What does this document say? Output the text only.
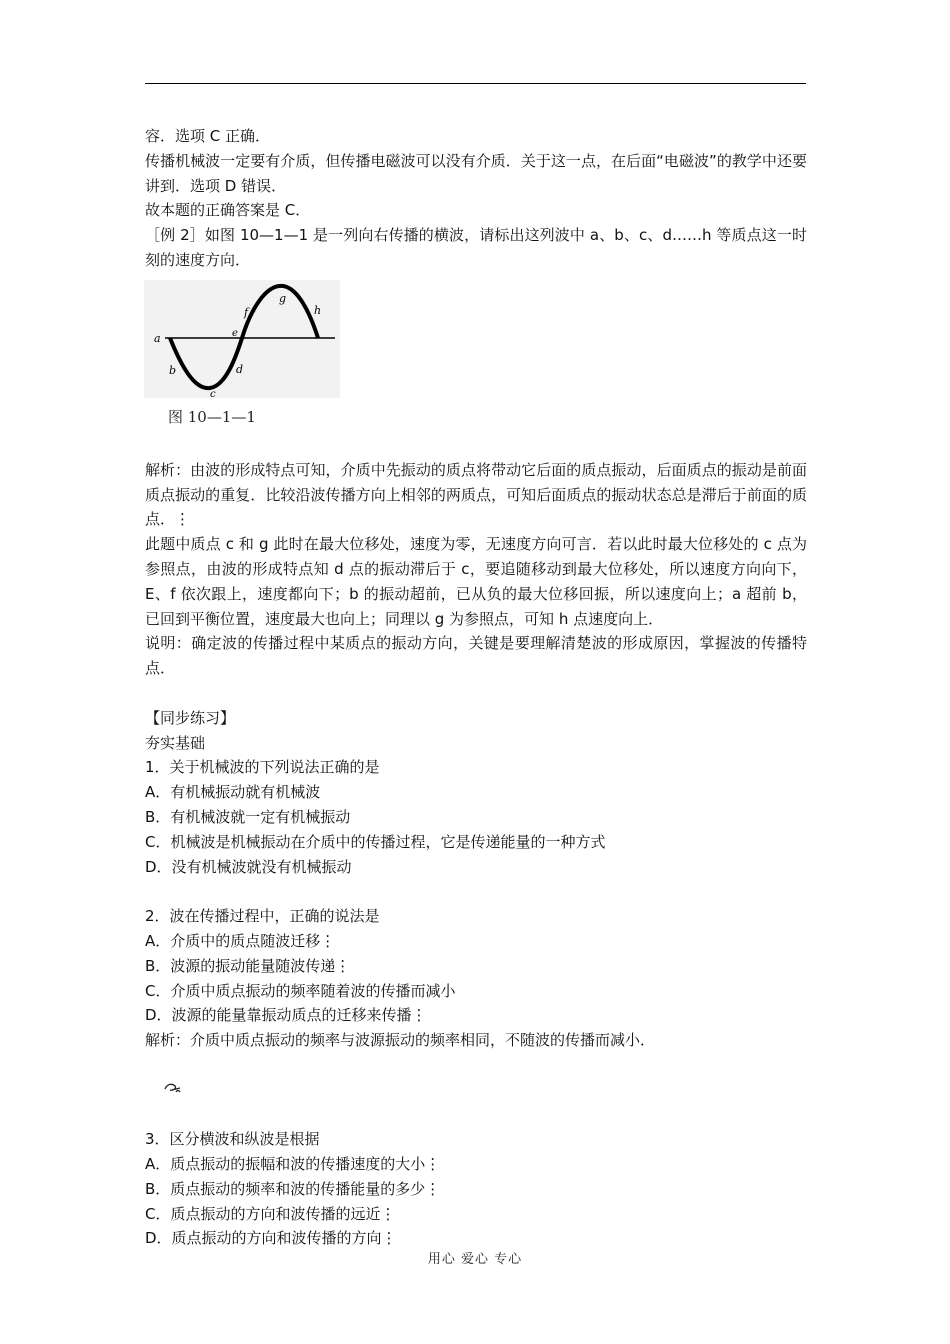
容．选项 C 正确．

传播机械波一定要有介质，但传播电磁波可以没有介质．关于这一点，在后面“电磁波”的教学中还要讲到．选项 D 错误．

故本题的正确答案是 C．

［例 2］如图 10—1—1 是一列向右传播的横波，请标出这列波中 a、b、c、d……h 等质点这一时刻的速度方向．

a
b
c
d
e
f
g
h
图 10—1—1

解析：由波的形成特点可知，介质中先振动的质点将带动它后面的质点振动，后面质点的振动是前面质点振动的重复．比较沿波传播方向上相邻的两质点，可知后面质点的振动状态总是滞后于前面的质点．⋮

此题中质点 c 和 g 此时在最大位移处，速度为零，无速度方向可言．若以此时最大位移处的 c 点为参照点，由波的形成特点知 d 点的振动滞后于 c，要追随移动到最大位移处，所以速度方向向下，E、f 依次跟上，速度都向下；b 的振动超前，已从负的最大位移回振，所以速度向上；a 超前 b，已回到平衡位置，速度最大也向上；同理以 g 为参照点，可知 h 点速度向上．

说明：确定波的传播过程中某质点的振动方向，关键是要理解清楚波的形成原因，掌握波的传播特点．

【同步练习】

夯实基础

1．关于机械波的下列说法正确的是

A．有机械振动就有机械波

B．有机械波就一定有机械振动

C．机械波是机械振动在介质中的传播过程，它是传递能量的一种方式

D．没有机械波就没有机械振动

2．波在传播过程中，正确的说法是

A．介质中的质点随波迁移⋮

B．波源的振动能量随波传递⋮

C．介质中质点振动的频率随着波的传播而减小

D．波源的能量靠振动质点的迁移来传播⋮

解析：介质中质点振动的频率与波源振动的频率相同，不随波的传播而减小．

3．区分横波和纵波是根据

A．质点振动的振幅和波的传播速度的大小⋮

B．质点振动的频率和波的传播能量的多少⋮

C．质点振动的方向和波传播的远近⋮

D．质点振动的方向和波传播的方向⋮

用心 爱心 专心
